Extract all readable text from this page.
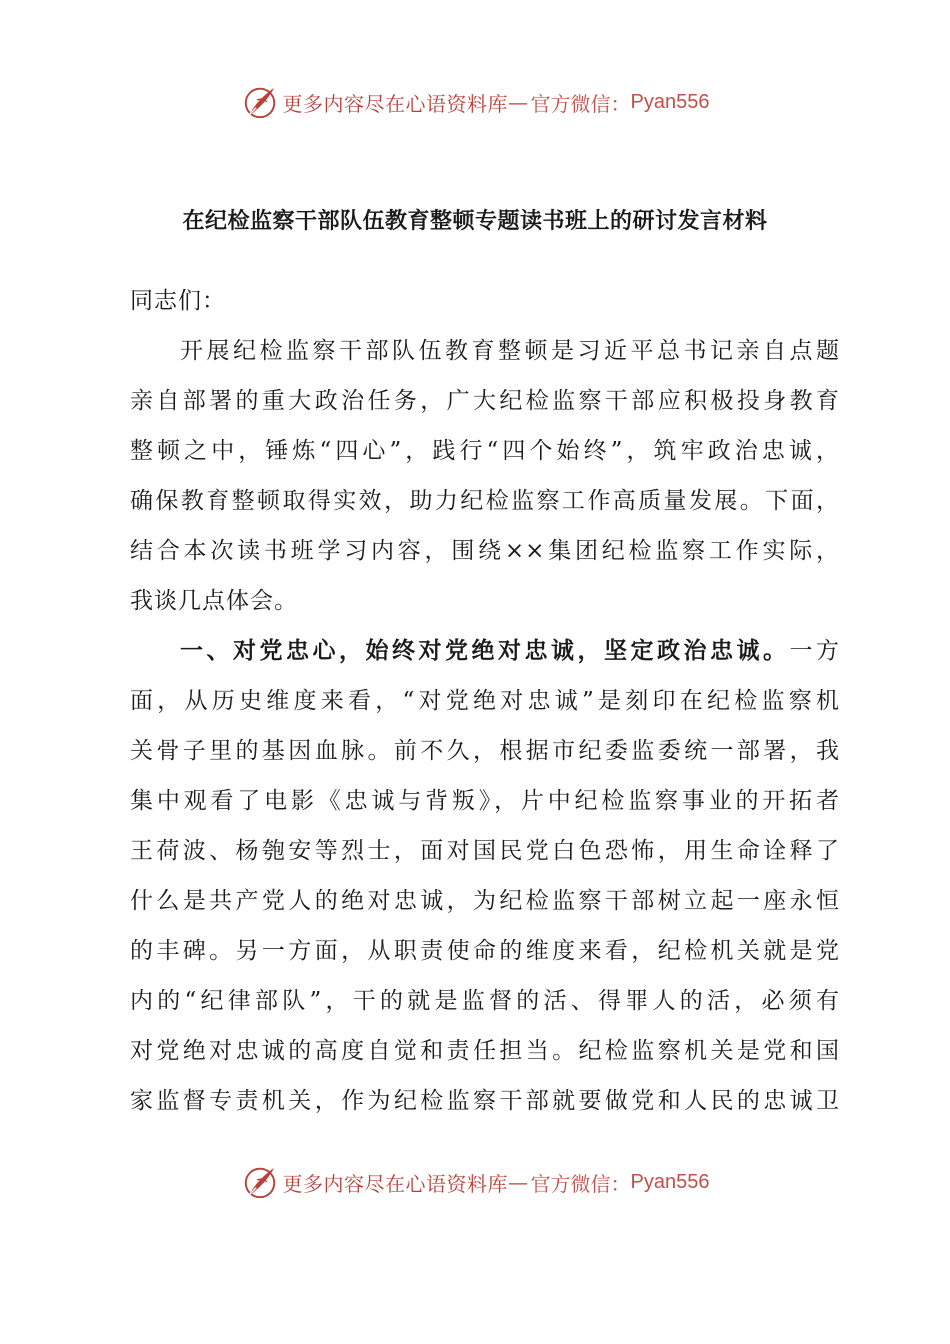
更多内容尽在心语资料库 — 官方微信： Pyan556
在纪检监察干部队伍教育整顿专题读书班上的研讨发言材料
同志们：
开展纪检监察干部队伍教育整顿是习近平总书记亲自点题
亲自部署的重大政治任务，广大纪检监察干部应积极投身教育
整顿之中，锤炼“四心”，践行“四个始终”，筑牢政治忠诚，
确保教育整顿取得实效，助力纪检监察工作高质量发展。下面，
结合本次读书班学习内容，围绕××集团纪检监察工作实际，
我谈几点体会。
一、对党忠心，始终对党绝对忠诚，坚定政治忠诚。一方
面，从历史维度来看，“对党绝对忠诚”是刻印在纪检监察机
关骨子里的基因血脉。前不久，根据市纪委监委统一部署，我
集中观看了电影《忠诚与背叛》，片中纪检监察事业的开拓者
王荷波、杨匏安等烈士，面对国民党白色恐怖，用生命诠释了
什么是共产党人的绝对忠诚，为纪检监察干部树立起一座永恒
的丰碑。另一方面，从职责使命的维度来看，纪检机关就是党
内的“纪律部队”，干的就是监督的活、得罪人的活，必须有
对党绝对忠诚的高度自觉和责任担当。纪检监察机关是党和国
家监督专责机关，作为纪检监察干部就要做党和人民的忠诚卫
更多内容尽在心语资料库 — 官方微信： Pyan556
